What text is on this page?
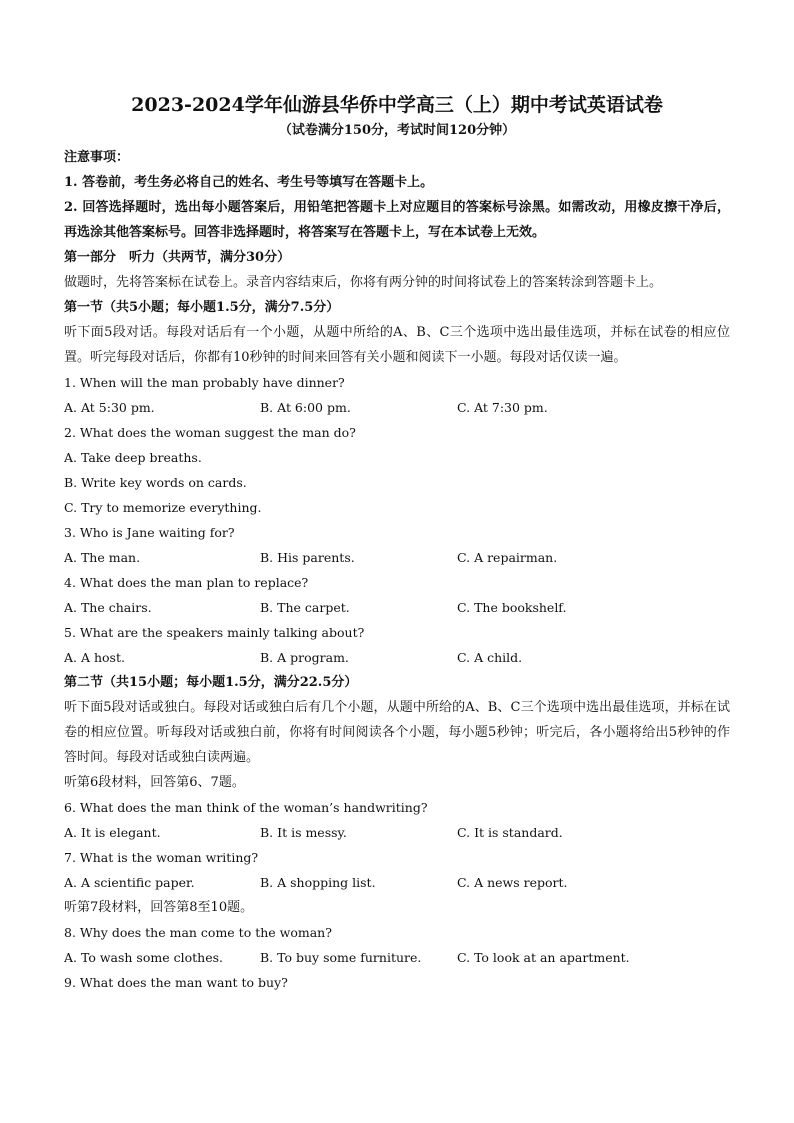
2023-2024学年仙游县华侨中学高三（上）期中考试英语试卷

（试卷满分150分，考试时间120分钟）

注意事项：

1. 答卷前，考生务必将自己的姓名、考生号等填写在答题卡上。

2. 回答选择题时，选出每小题答案后，用铅笔把答题卡上对应题目的答案标号涂黑。如需改动，用橡皮擦干净后，再选涂其他答案标号。回答非选择题时，将答案写在答题卡上，写在本试卷上无效。

第一部分　听力（共两节，满分30分）

做题时，先将答案标在试卷上。录音内容结束后，你将有两分钟的时间将试卷上的答案转涂到答题卡上。

第一节（共5小题；每小题1.5分，满分7.5分）

听下面5段对话。每段对话后有一个小题，从题中所给的A、B、C三个选项中选出最佳选项，并标在试卷的相应位置。听完每段对话后，你都有10秒钟的时间来回答有关小题和阅读下一小题。每段对话仅读一遍。

1. When will the man probably have dinner?

A. At 5:30 pm.	B. At 6:00 pm.	C. At 7:30 pm.

2. What does the woman suggest the man do?

A. Take deep breaths.

B. Write key words on cards.

C. Try to memorize everything.

3. Who is Jane waiting for?

A. The man.	B. His parents.	C. A repairman.

4. What does the man plan to replace?

A. The chairs.	B. The carpet.	C. The bookshelf.

5. What are the speakers mainly talking about?

A. A host.	B. A program.	C. A child.

第二节（共15小题；每小题1.5分，满分22.5分）

听下面5段对话或独白。每段对话或独白后有几个小题，从题中所给的A、B、C三个选项中选出最佳选项，并标在试卷的相应位置。听每段对话或独白前，你将有时间阅读各个小题，每小题5秒钟；听完后，各小题将给出5秒钟的作答时间。每段对话或独白读两遍。

听第6段材料，回答第6、7题。

6. What does the man think of the woman’s handwriting?

A. It is elegant.	B. It is messy.	C. It is standard.

7. What is the woman writing?

A. A scientific paper.	B. A shopping list.	C. A news report.

听第7段材料，回答第8至10题。

8. Why does the man come to the woman?

A. To wash some clothes.	B. To buy some furniture.	C. To look at an apartment.

9. What does the man want to buy?
